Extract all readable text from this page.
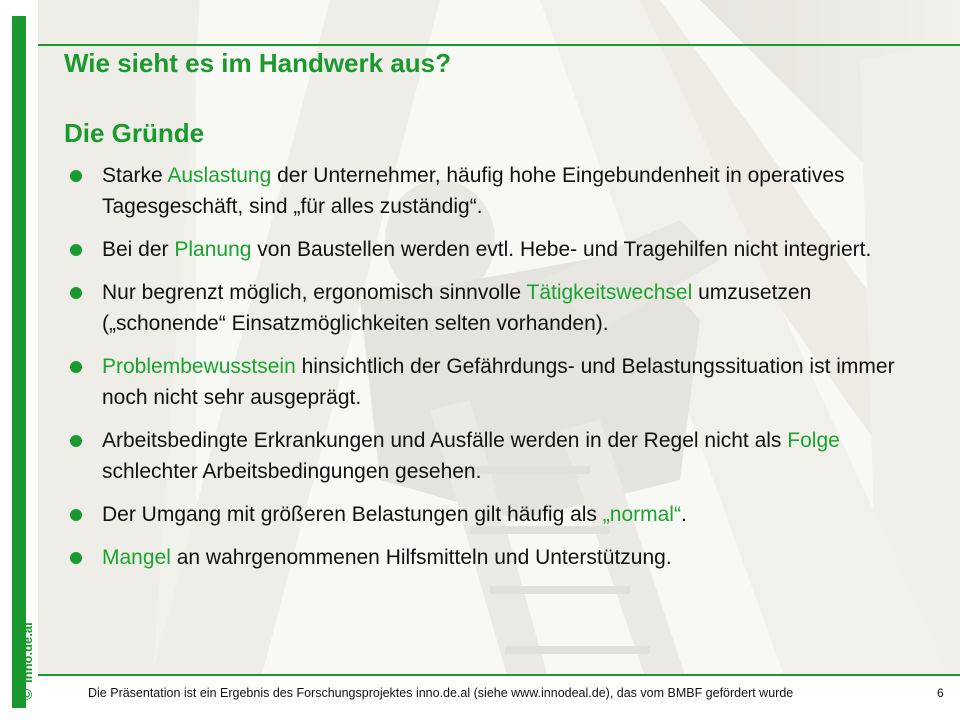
©
inno.de.al
Wie sieht es im Handwerk aus?
Die Gründe
Starke Auslastung der Unternehmer, häufig hohe Eingebundenheit in operatives Tagesgeschäft, sind „für alles zuständig“.
Bei der Planung von Baustellen werden evtl. Hebe- und Tragehilfen nicht integriert.
Nur begrenzt möglich, ergonomisch sinnvolle Tätigkeitswechsel umzusetzen („schonende“ Einsatzmöglichkeiten selten vorhanden).
Problembewusstsein hinsichtlich der Gefährdungs- und Belastungssituation ist immer noch nicht sehr ausgeprägt.
Arbeitsbedingte Erkrankungen und Ausfälle werden in der Regel nicht als Folge schlechter Arbeitsbedingungen gesehen.
Der Umgang mit größeren Belastungen gilt häufig als „normal“.
Mangel an wahrgenommenen Hilfsmitteln und Unterstützung.
Die Präsentation ist ein Ergebnis des Forschungsprojektes inno.de.al (siehe www.innodeal.de), das vom BMBF gefördert wurde	6
